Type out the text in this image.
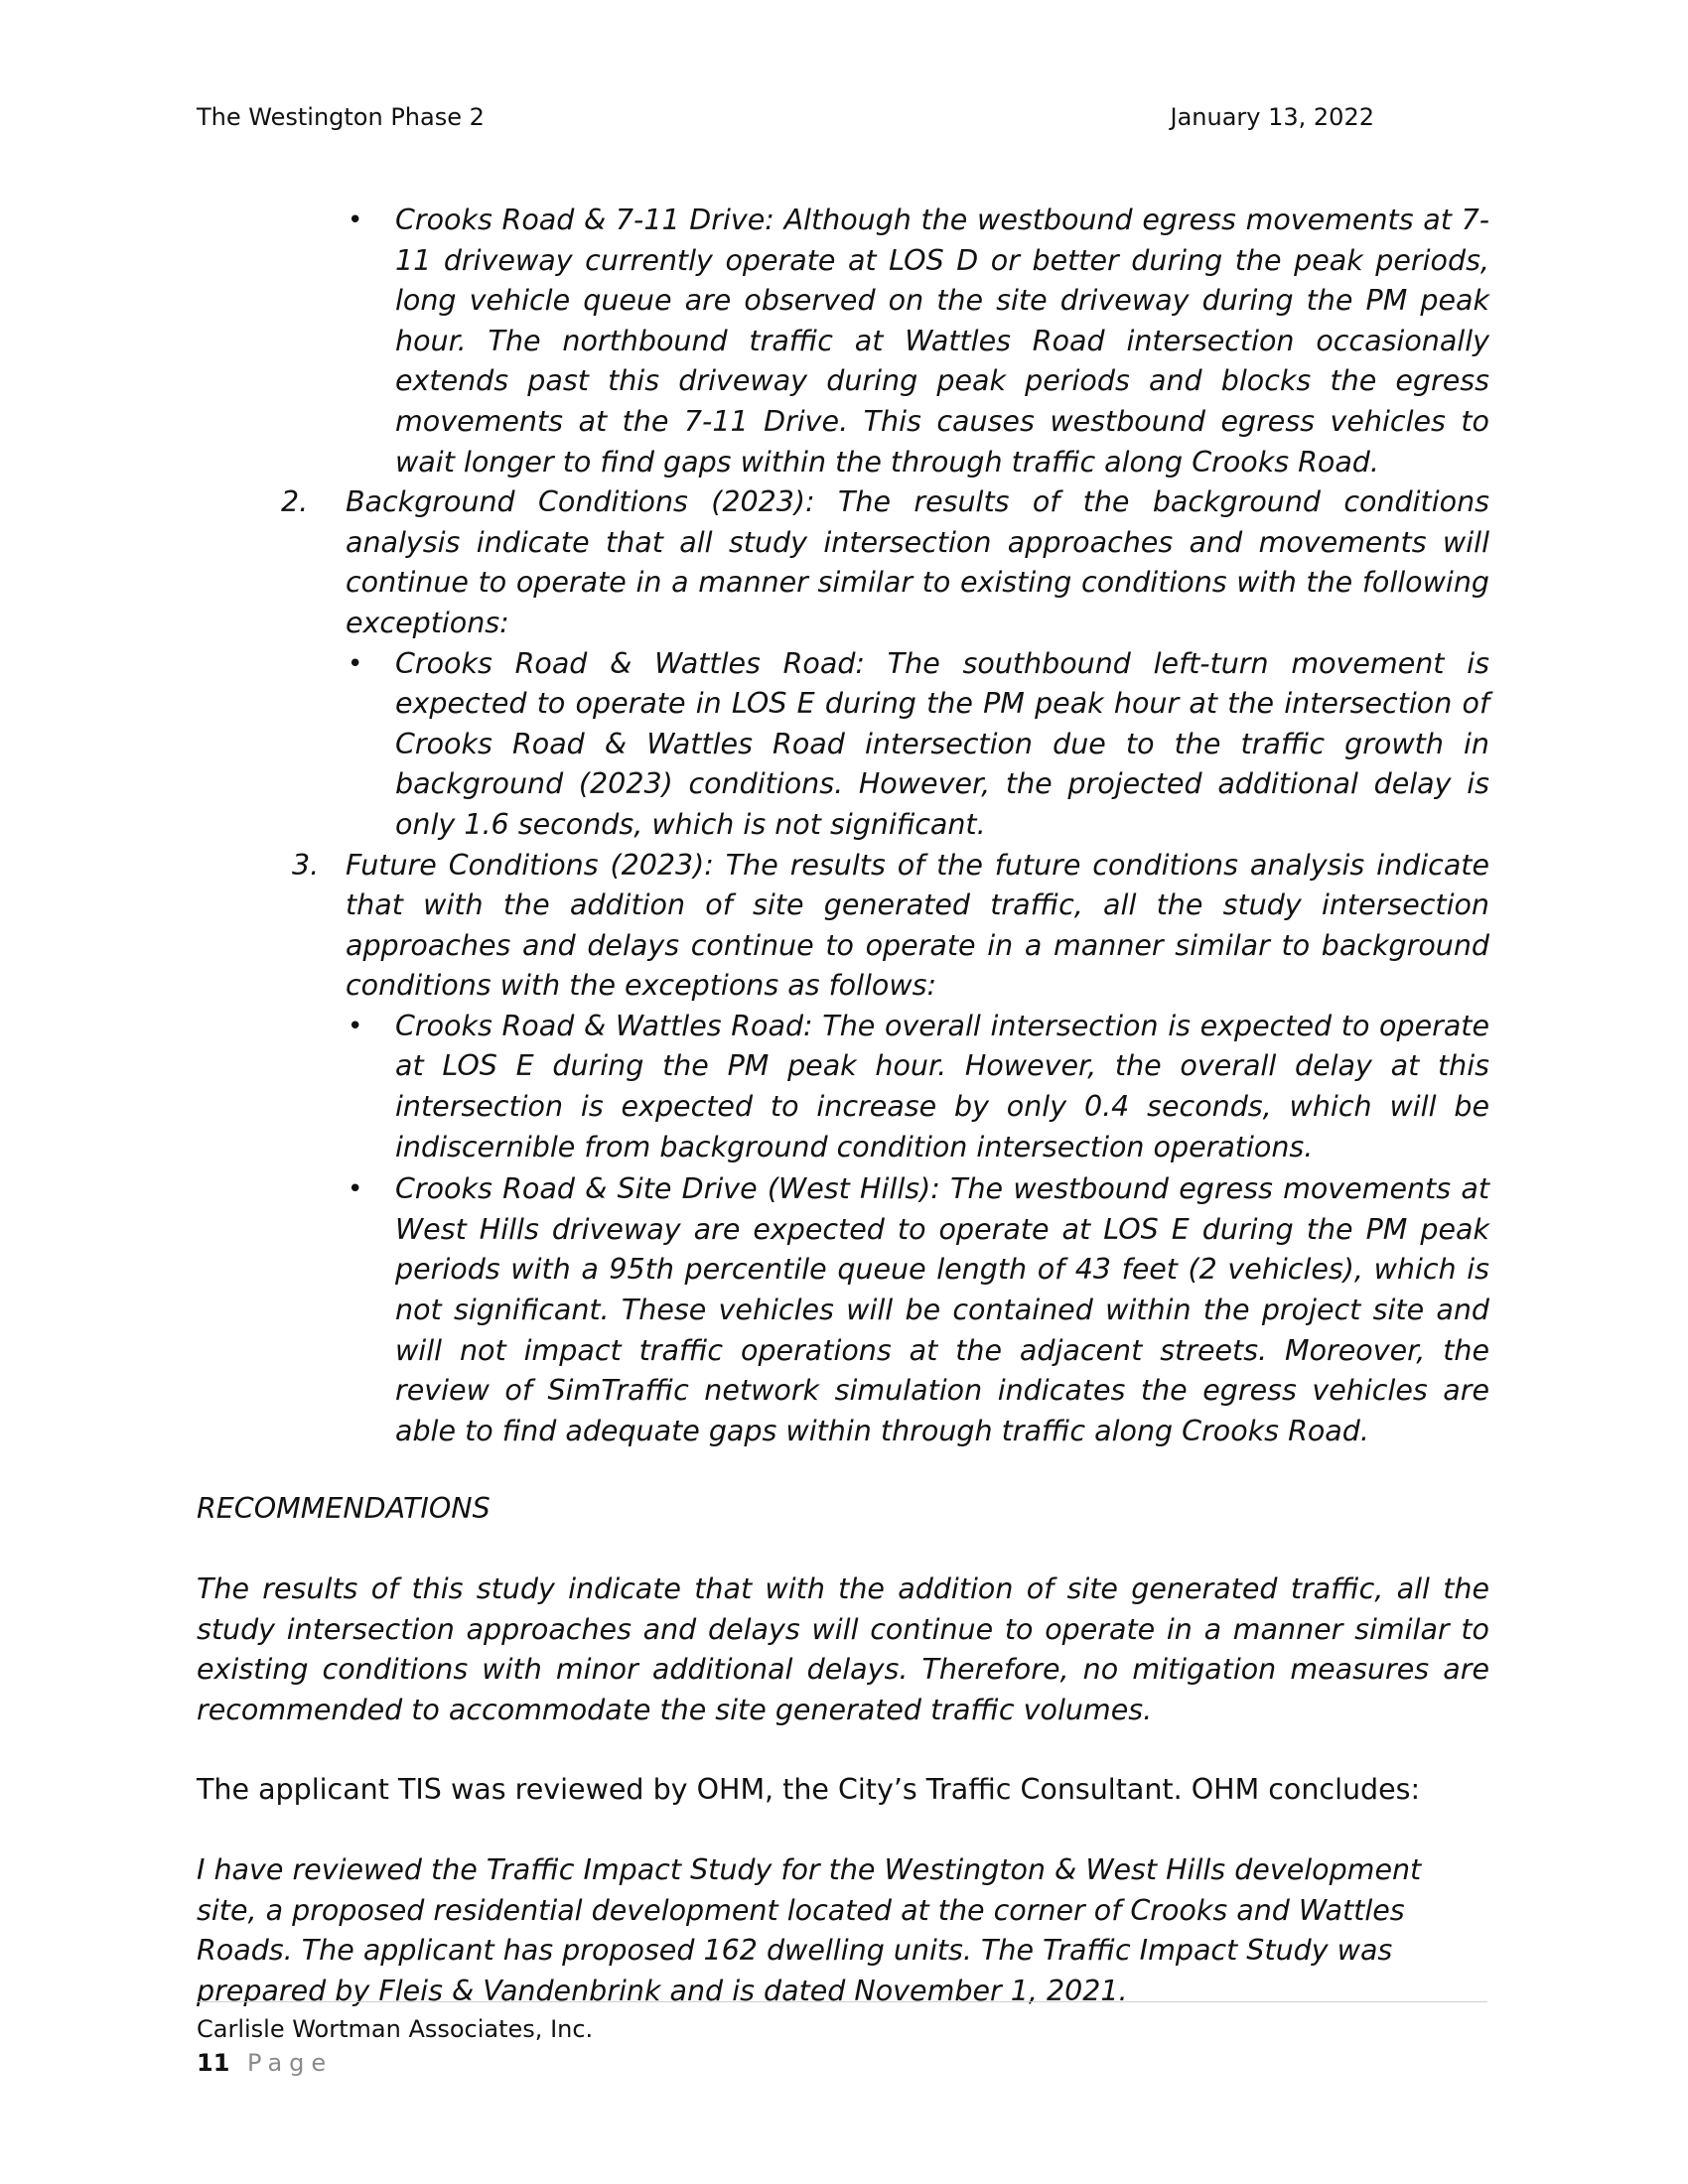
The Westington Phase 2	January 13, 2022
• Crooks Road & 7-11 Drive: Although the westbound egress movements at 7-11 driveway currently operate at LOS D or better during the peak periods, long vehicle queue are observed on the site driveway during the PM peak hour. The northbound traffic at Wattles Road intersection occasionally extends past this driveway during peak periods and blocks the egress movements at the 7-11 Drive. This causes westbound egress vehicles to wait longer to find gaps within the through traffic along Crooks Road.
2. Background Conditions (2023): The results of the background conditions analysis indicate that all study intersection approaches and movements will continue to operate in a manner similar to existing conditions with the following exceptions:
• Crooks Road & Wattles Road: The southbound left-turn movement is expected to operate in LOS E during the PM peak hour at the intersection of Crooks Road & Wattles Road intersection due to the traffic growth in background (2023) conditions. However, the projected additional delay is only 1.6 seconds, which is not significant.
3. Future Conditions (2023): The results of the future conditions analysis indicate that with the addition of site generated traffic, all the study intersection approaches and delays continue to operate in a manner similar to background conditions with the exceptions as follows:
• Crooks Road & Wattles Road: The overall intersection is expected to operate at LOS E during the PM peak hour. However, the overall delay at this intersection is expected to increase by only 0.4 seconds, which will be indiscernible from background condition intersection operations.
• Crooks Road & Site Drive (West Hills): The westbound egress movements at West Hills driveway are expected to operate at LOS E during the PM peak periods with a 95th percentile queue length of 43 feet (2 vehicles), which is not significant. These vehicles will be contained within the project site and will not impact traffic operations at the adjacent streets. Moreover, the review of SimTraffic network simulation indicates the egress vehicles are able to find adequate gaps within through traffic along Crooks Road.
RECOMMENDATIONS
The results of this study indicate that with the addition of site generated traffic, all the study intersection approaches and delays will continue to operate in a manner similar to existing conditions with minor additional delays. Therefore, no mitigation measures are recommended to accommodate the site generated traffic volumes.
The applicant TIS was reviewed by OHM, the City’s Traffic Consultant. OHM concludes:
I have reviewed the Traffic Impact Study for the Westington & West Hills development site, a proposed residential development located at the corner of Crooks and Wattles Roads. The applicant has proposed 162 dwelling units. The Traffic Impact Study was prepared by Fleis & Vandenbrink and is dated November 1, 2021.
Carlisle Wortman Associates, Inc.
11 Page
